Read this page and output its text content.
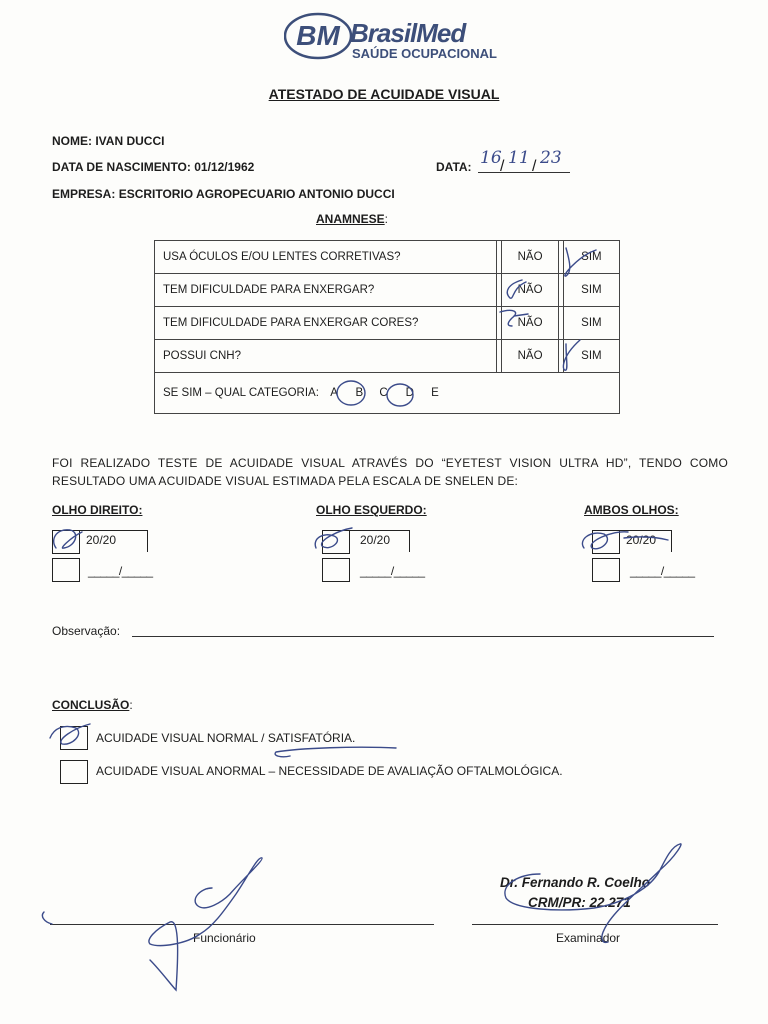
BM BrasilMed
SAÚDE OCUPACIONAL
ATESTADO DE ACUIDADE VISUAL
NOME: IVAN DUCCI
DATA DE NASCIMENTO: 01/12/1962	DATA: 16 11 23
/ /
EMPRESA: ESCRITORIO AGROPECUARIO ANTONIO DUCCI
ANAMNESE:
USA ÓCULOS E/OU LENTES CORRETIVAS?		NÃO		SIM
TEM DIFICULDADE PARA ENXERGAR?		NÃO		SIM
TEM DIFICULDADE PARA ENXERGAR CORES?		NÃO		SIM
POSSUI CNH?		NÃO		SIM
SE SIM – QUAL CATEGORIA: A B C D E				
FOI REALIZADO TESTE DE ACUIDADE VISUAL ATRAVÉS DO “EYETEST VISION ULTRA HD”, TENDO COMO RESULTADO UMA ACUIDADE VISUAL ESTIMADA PELA ESCALA DE SNELEN DE:
OLHO DIREITO:
20/20
_____/_____
OLHO ESQUERDO:
20/20
_____/_____
AMBOS OLHOS:
20/20
_____/_____
Observação:
CONCLUSÃO:
ACUIDADE VISUAL NORMAL / SATISFATÓRIA.
ACUIDADE VISUAL ANORMAL – NECESSIDADE DE AVALIAÇÃO OFTALMOLÓGICA.
Funcionário	Examinador
Dr. Fernando R. Coelho
CRM/PR: 22.271
